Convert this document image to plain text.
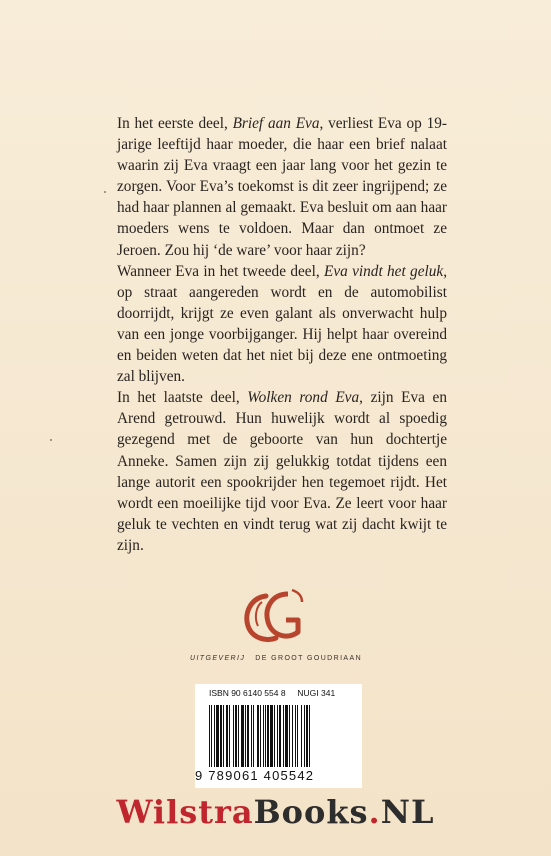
In het eerste deel, Brief aan Eva, verliest Eva op 19-jarige leeftijd haar moeder, die haar een brief nalaat waarin zij Eva vraagt een jaar lang voor het gezin te zorgen. Voor Eva’s toekomst is dit zeer ingrijpend; ze had haar plannen al gemaakt. Eva besluit om aan haar moeders wens te voldoen. Maar dan ontmoet ze Jeroen. Zou hij ‘de ware’ voor haar zijn?

Wanneer Eva in het tweede deel, Eva vindt het geluk, op straat aangereden wordt en de automobilist doorrijdt, krijgt ze even galant als onverwacht hulp van een jonge voorbijganger. Hij helpt haar overeind en beiden weten dat het niet bij deze ene ontmoeting zal blijven.

In het laatste deel, Wolken rond Eva, zijn Eva en Arend getrouwd. Hun huwelijk wordt al spoedig gezegend met de geboorte van hun dochtertje Anneke. Samen zijn zij gelukkig totdat tijdens een lange autorit een spookrijder hen tegemoet rijdt. Het wordt een moeilijke tijd voor Eva. Ze leert voor haar geluk te vechten en vindt terug wat zij dacht kwijt te zijn.

UITGEVERIJ DE GROOT GOUDRIAAN
ISBN 90 6140 554 8 NUGI 341
9 789061 405542
WilstraBooks.NL
